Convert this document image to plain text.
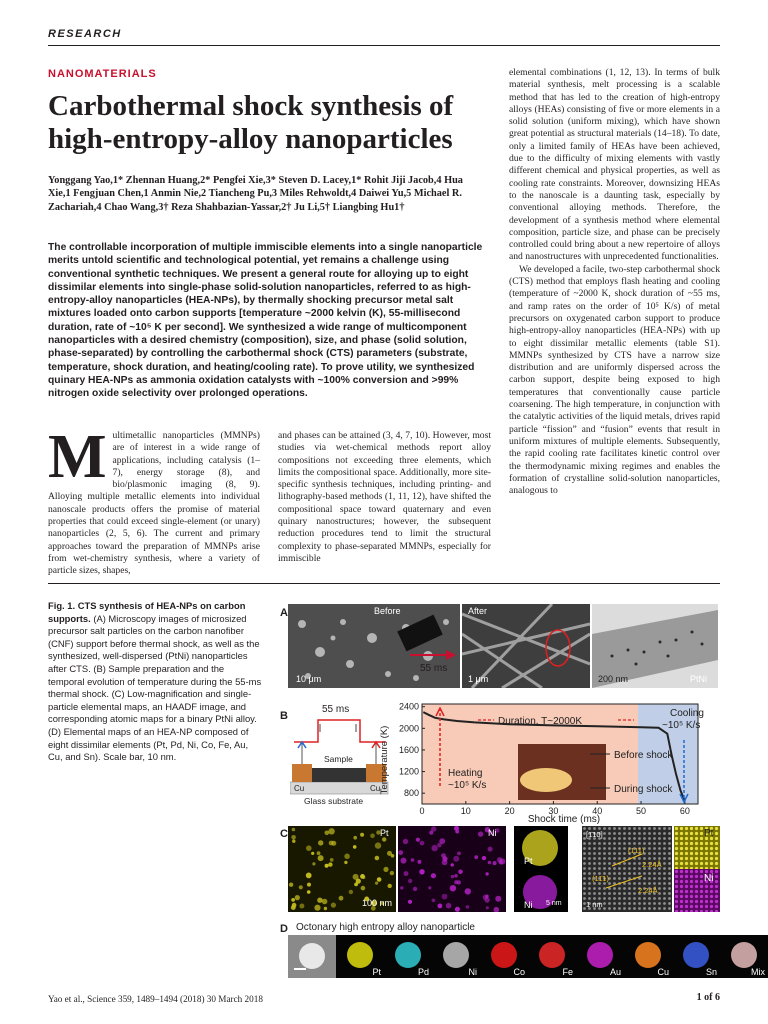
RESEARCH
NANOMATERIALS
Carbothermal shock synthesis of high-entropy-alloy nanoparticles
Yonggang Yao,1* Zhennan Huang,2* Pengfei Xie,3* Steven D. Lacey,1* Rohit Jiji Jacob,4 Hua Xie,1 Fengjuan Chen,1 Anmin Nie,2 Tiancheng Pu,3 Miles Rehwoldt,4 Daiwei Yu,5 Michael R. Zachariah,4 Chao Wang,3† Reza Shahbazian-Yassar,2† Ju Li,5† Liangbing Hu1†
The controllable incorporation of multiple immiscible elements into a single nanoparticle merits untold scientific and technological potential, yet remains a challenge using conventional synthetic techniques. We present a general route for alloying up to eight dissimilar elements into single-phase solid-solution nanoparticles, referred to as high-entropy-alloy nanoparticles (HEA-NPs), by thermally shocking precursor metal salt mixtures loaded onto carbon supports [temperature ~2000 kelvin (K), 55-millisecond duration, rate of ~10⁵ K per second]. We synthesized a wide range of multicomponent nanoparticles with a desired chemistry (composition), size, and phase (solid solution, phase-separated) by controlling the carbothermal shock (CTS) parameters (substrate, temperature, shock duration, and heating/cooling rate). To prove utility, we synthesized quinary HEA-NPs as ammonia oxidation catalysts with ~100% conversion and >99% nitrogen oxide selectivity over prolonged operations.
Multimetallic nanoparticles (MMNPs) are of interest in a wide range of applications, including catalysis (1–7), energy storage (8), and bio/plasmonic imaging (8, 9). Alloying multiple metallic elements into individual nanoscale products offers the promise of material properties that could exceed single-element (or unary) nanoparticles (2, 5, 6). The current and primary approaches toward the preparation of MMNPs arise from wet-chemistry synthesis, where a variety of particle sizes, shapes,
and phases can be attained (3, 4, 7, 10). However, most studies via wet-chemical methods report alloy compositions not exceeding three elements, which limits the compositional space. Additionally, more site-specific synthesis techniques, including printing- and lithography-based methods (1, 11, 12), have shifted the compositional space toward quaternary and even quinary nanostructures; however, the subsequent reduction procedures tend to limit the structural complexity to phase-separated MMNPs, especially for immiscible

elemental combinations (1, 12, 13). In terms of bulk material synthesis, melt processing is a scalable method that has led to the creation of high-entropy alloys (HEAs) consisting of five or more elements in a solid solution (uniform mixing), which have shown great potential as structural materials (14–18). To date, only a limited family of HEAs have been achieved, due to the difficulty of mixing elements with vastly different chemical and physical properties, as well as cooling rate constraints. Moreover, downsizing HEAs to the nanoscale is a daunting task, especially by conventional alloying methods. Therefore, the development of a synthesis method where elemental composition, particle size, and phase can be precisely controlled could bring about a new repertoire of alloys and nanostructures with unprecedented functionalities.

We developed a facile, two-step carbothermal shock (CTS) method that employs flash heating and cooling (temperature of ~2000 K, shock duration of ~55 ms, and ramp rates on the order of 10⁵ K/s) of metal precursors on oxygenated carbon support to produce high-entropy-alloy nanoparticles (HEA-NPs) with up to eight dissimilar metallic elements (table S1). MMNPs synthesized by CTS have a narrow size distribution and are uniformly dispersed across the carbon support, despite being exposed to high temperatures that conventionally cause particle coarsening. The high temperature, in conjunction with the catalytic activities of the liquid metals, drives rapid particle “fission” and “fusion” events that result in uniform mixtures of multiple elements. Subsequently, the rapid cooling rate facilitates kinetic control over the thermodynamic mixing regimes and enables the formation of crystalline solid-solution nanoparticles, analogous to

Fig. 1. CTS synthesis of HEA-NPs on carbon supports. (A) Microscopy images of microsized precursor salt particles on the carbon nanofiber (CNF) support before thermal shock, as well as the synthesized, well-dispersed (PtNi) nanoparticles after CTS. (B) Sample preparation and the temporal evolution of temperature during the 55-ms thermal shock. (C) Low-magnification and single-particle elemental maps, an HAADF image, and corresponding atomic maps for a binary PtNi alloy. (D) Elemental maps of an HEA-NP composed of eight dissimilar elements (Pt, Pd, Ni, Co, Fe, Au, Cu, and Sn). Scale bar, 10 nm.
A	Before
10 μm
55 ms
After
1 μm	200 nm	PtNi
B
55 ms
Sample
Cu	Cu
Glass substrate
0	10	20	30	40	50	60
800
1200
1600
2000
2400
Duration, T~2000K
Heating
~10⁵ K/s
Cooling
~10⁵ K/s
Before shock
During shock
Shock time (ms)
Temperature (K)
C	Pt
100 nm
Ni
Pt
Ni 5 nm
[1̄10]
(111)
(11̄1)
2.24Å
2.24Å
1 nm
Pt
Ni
D Octonary high entropy alloy nanoparticle
Pt	Pd	Ni	Co	Fe	Au	Cu	Sn	Mix
Yao et al., Science 359, 1489–1494 (2018) 30 March 2018	1 of 6
